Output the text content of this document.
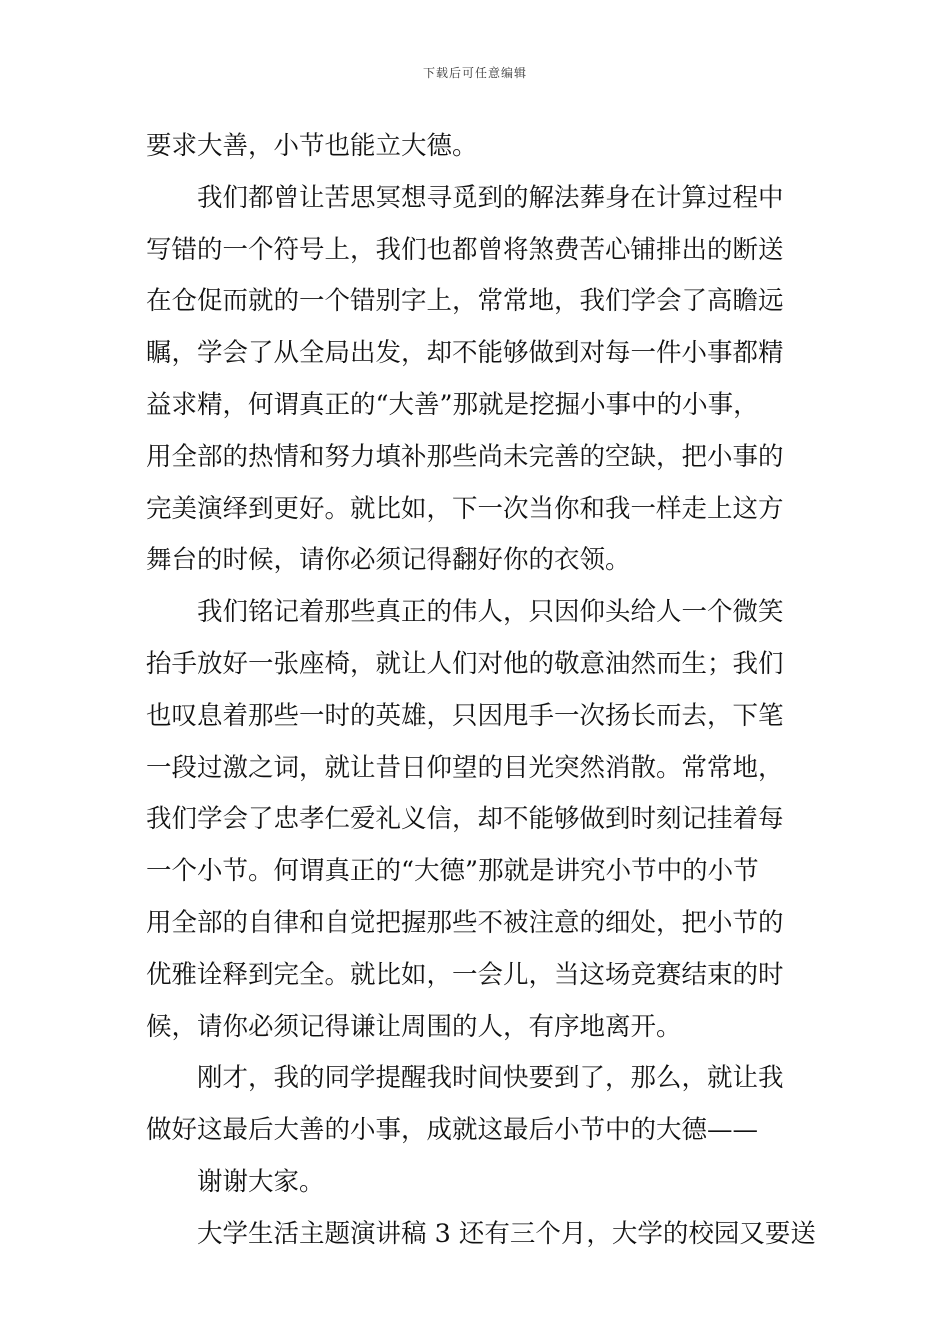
下载后可任意编辑
要求大善，小节也能立大德。
我们都曾让苦思冥想寻觅到的解法葬身在计算过程中
写错的一个符号上，我们也都曾将煞费苦心铺排出的断送
在仓促而就的一个错别字上，常常地，我们学会了高瞻远
瞩，学会了从全局出发，却不能够做到对每一件小事都精
益求精，何谓真正的“大善”那就是挖掘小事中的小事，
用全部的热情和努力填补那些尚未完善的空缺，把小事的
完美演绎到更好。就比如，下一次当你和我一样走上这方
舞台的时候，请你必须记得翻好你的衣领。
我们铭记着那些真正的伟人，只因仰头给人一个微笑
抬手放好一张座椅，就让人们对他的敬意油然而生；我们
也叹息着那些一时的英雄，只因甩手一次扬长而去，下笔
一段过激之词，就让昔日仰望的目光突然消散。常常地，
我们学会了忠孝仁爱礼义信，却不能够做到时刻记挂着每
一个小节。何谓真正的“大德”那就是讲究小节中的小节
用全部的自律和自觉把握那些不被注意的细处，把小节的
优雅诠释到完全。就比如，一会儿，当这场竞赛结束的时
候，请你必须记得谦让周围的人，有序地离开。
刚才，我的同学提醒我时间快要到了，那么，就让我
做好这最后大善的小事，成就这最后小节中的大德——
谢谢大家。
大学生活主题演讲稿 3 还有三个月，大学的校园又要送
